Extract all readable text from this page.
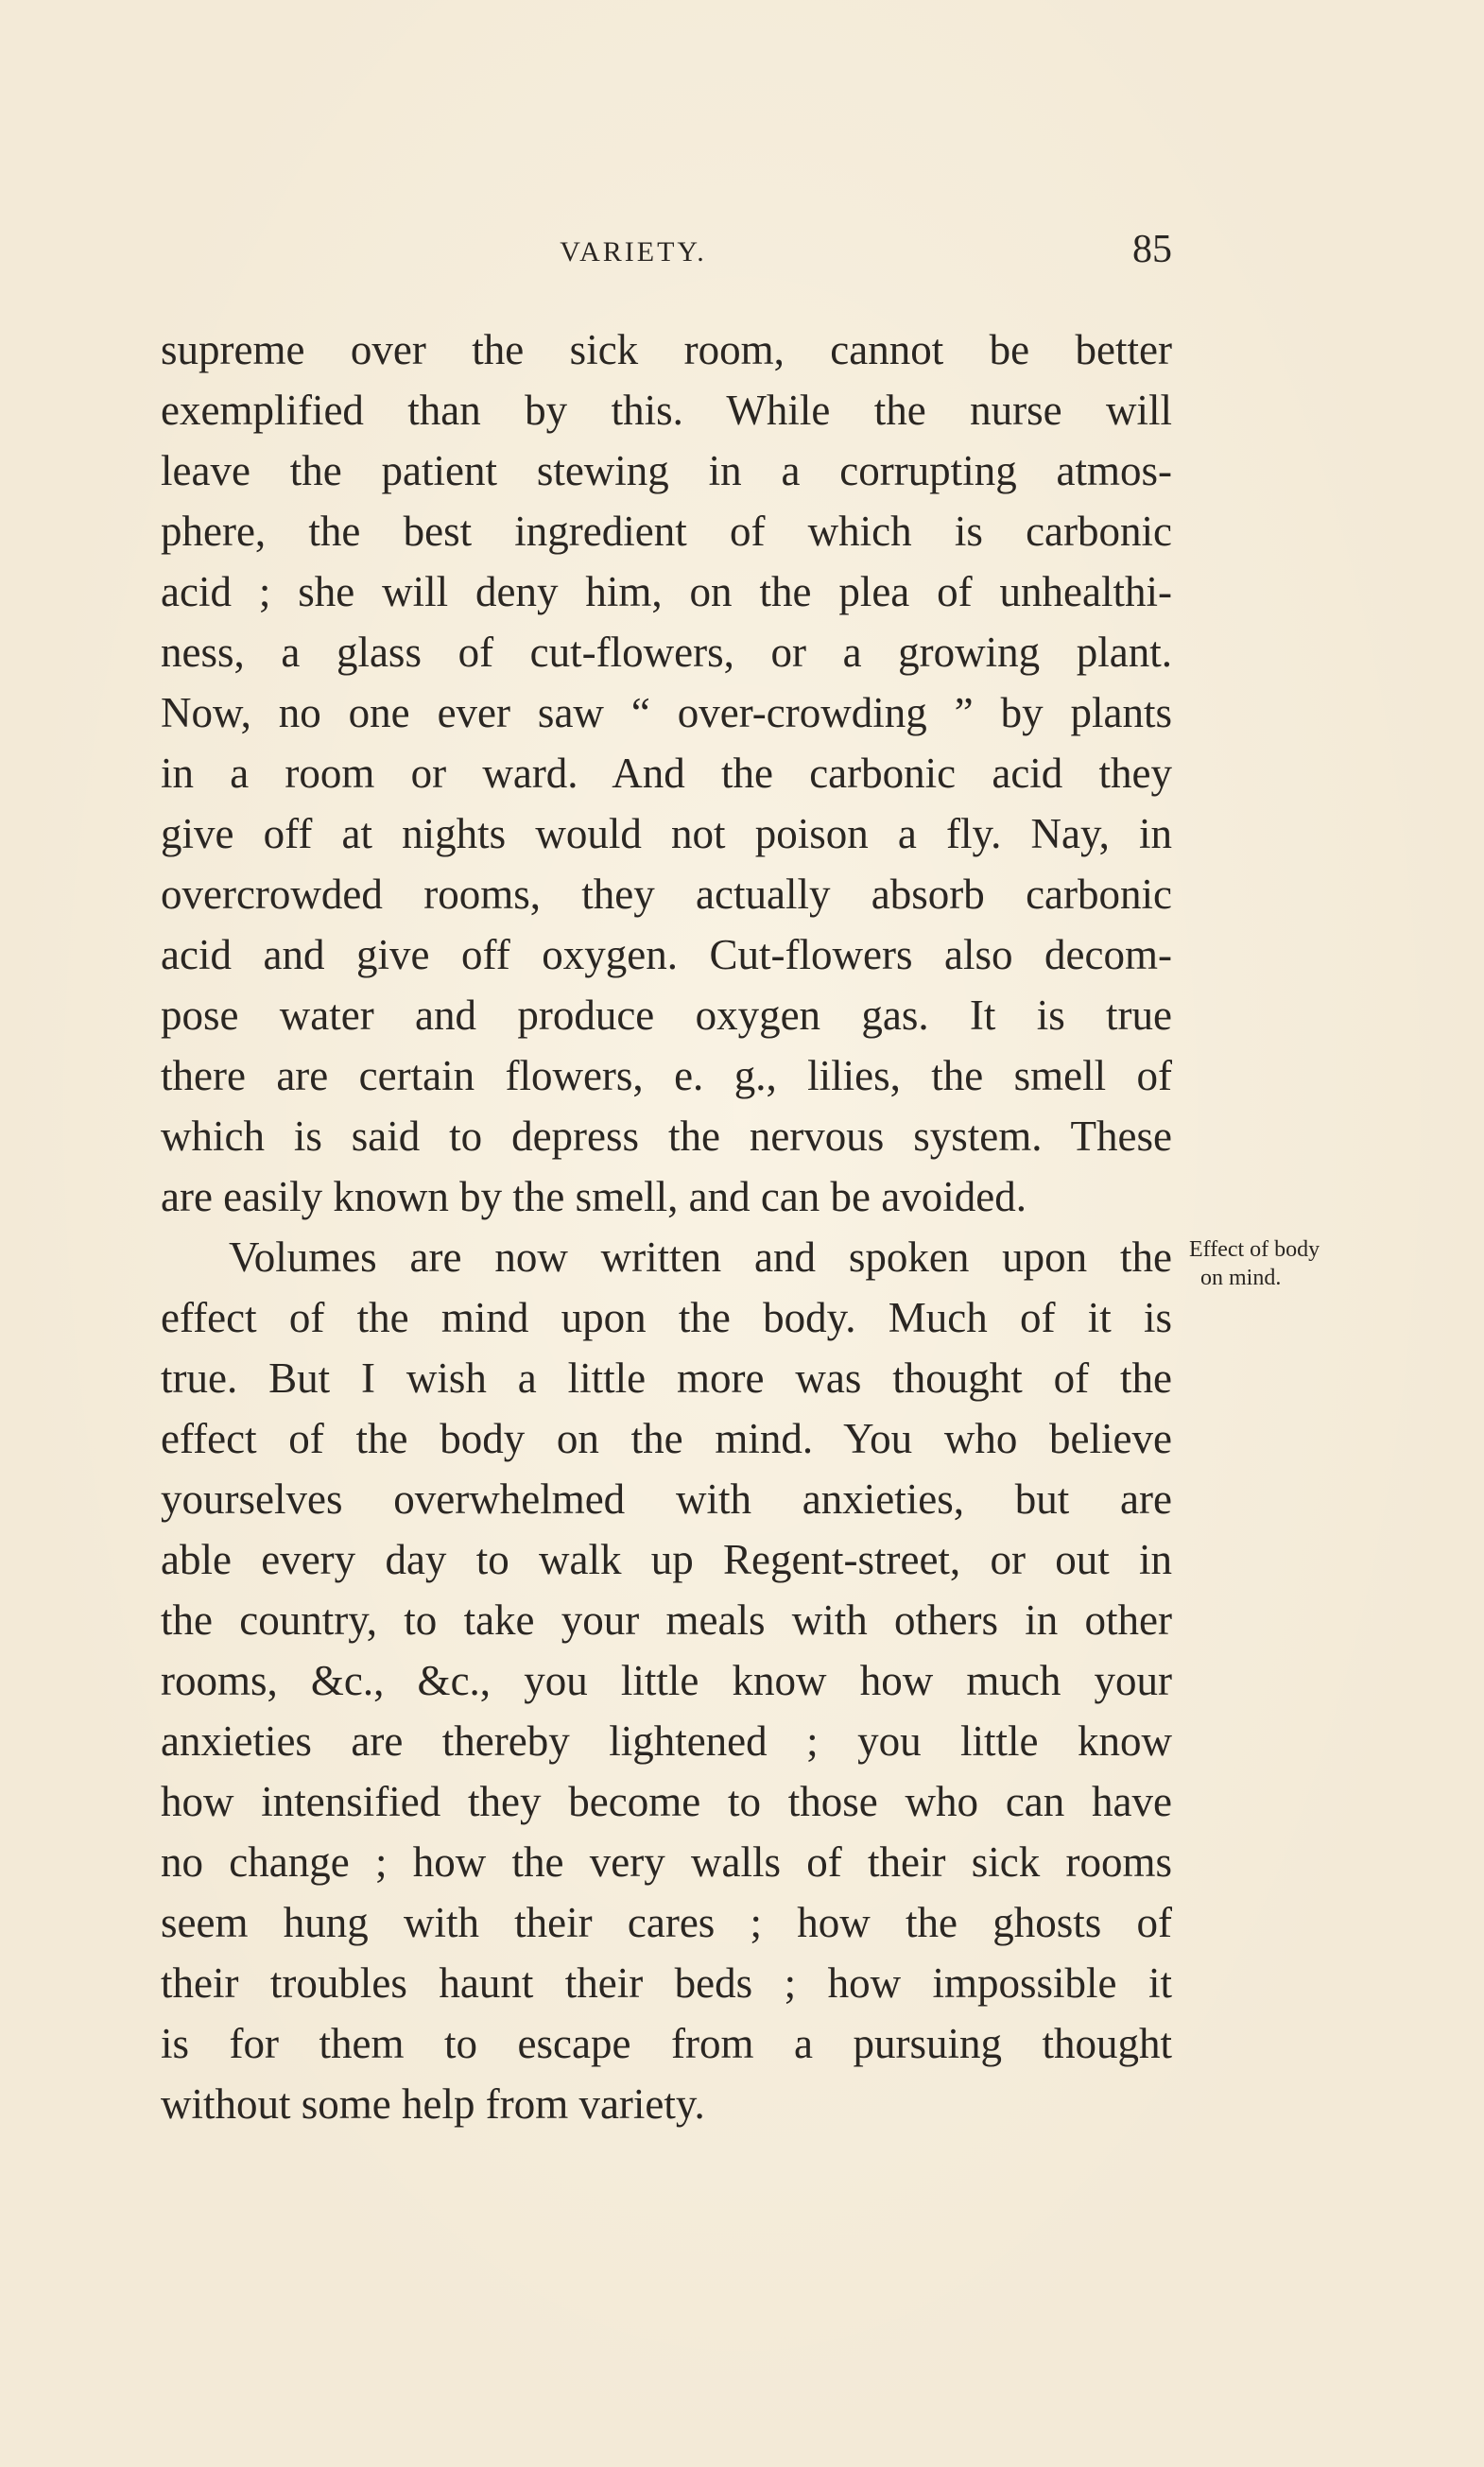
VARIETY.	85
supreme over the sick room, cannot be better
exemplified than by this. While the nurse will
leave the patient stewing in a corrupting atmos-
phere, the best ingredient of which is carbonic
acid ; she will deny him, on the plea of unhealthi-
ness, a glass of cut-flowers, or a growing plant.
Now, no one ever saw “ over-crowding ” by plants
in a room or ward. And the carbonic acid they
give off at nights would not poison a fly. Nay, in
overcrowded rooms, they actually absorb carbonic
acid and give off oxygen. Cut-flowers also decom-
pose water and produce oxygen gas. It is true
there are certain flowers, e. g., lilies, the smell of
which is said to depress the nervous system. These
are easily known by the smell, and can be avoided.
Volumes are now written and spoken upon the
effect of the mind upon the body. Much of it is
true. But I wish a little more was thought of the
effect of the body on the mind. You who believe
yourselves overwhelmed with anxieties, but are
able every day to walk up Regent-street, or out in
the country, to take your meals with others in other
rooms, &c., &c., you little know how much your
anxieties are thereby lightened ; you little know
how intensified they become to those who can have
no change ; how the very walls of their sick rooms
seem hung with their cares ; how the ghosts of
their troubles haunt their beds ; how impossible it
is for them to escape from a pursuing thought
without some help from variety.
Effect of body
on mind.
